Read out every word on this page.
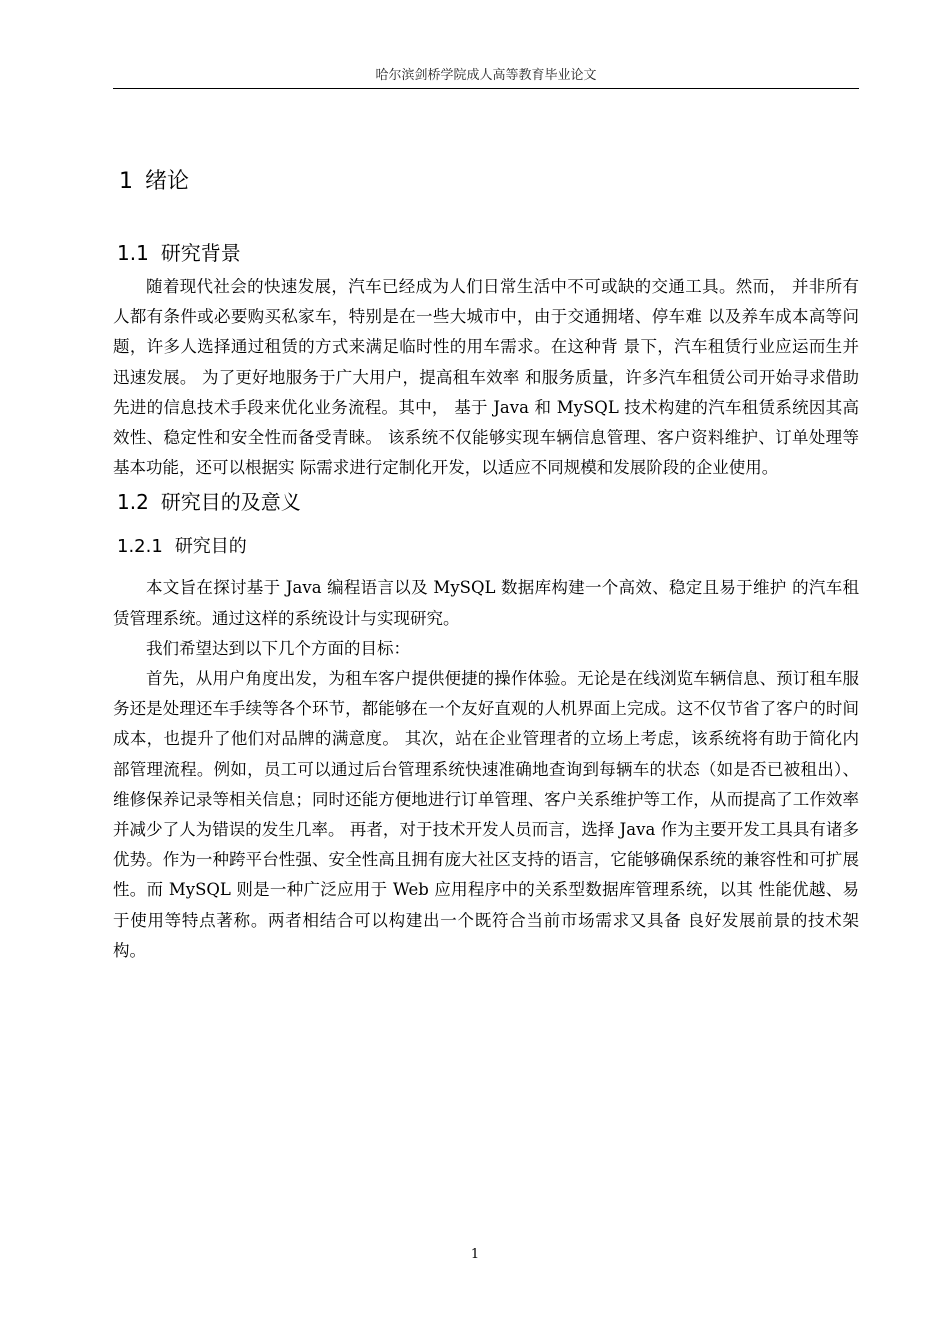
哈尔滨剑桥学院成人高等教育毕业论文
1 绪论
1.1 研究背景

随着现代社会的快速发展，汽车已经成为人们日常生活中不可或缺的交通工具。然而， 并非所有人都有条件或必要购买私家车，特别是在一些大城市中，由于交通拥堵、停车难 以及养车成本高等问题，许多人选择通过租赁的方式来满足临时性的用车需求。在这种背 景下，汽车租赁行业应运而生并迅速发展。 为了更好地服务于广大用户，提高租车效率 和服务质量，许多汽车租赁公司开始寻求借助先进的信息技术手段来优化业务流程。其中， 基于 Java 和 MySQL 技术构建的汽车租赁系统因其高效性、稳定性和安全性而备受青睐。 该系统不仅能够实现车辆信息管理、客户资料维护、订单处理等基本功能，还可以根据实 际需求进行定制化开发，以适应不同规模和发展阶段的企业使用。

1.2 研究目的及意义
1.2.1 研究目的

本文旨在探讨基于 Java 编程语言以及 MySQL 数据库构建一个高效、稳定且易于维护 的汽车租赁管理系统。通过这样的系统设计与实现研究。

我们希望达到以下几个方面的目标：

首先，从用户角度出发，为租车客户提供便捷的操作体验。无论是在线浏览车辆信息、预订租车服务还是处理还车手续等各个环节，都能够在一个友好直观的人机界面上完成。这不仅节省了客户的时间成本，也提升了他们对品牌的满意度。 其次，站在企业管理者的立场上考虑，该系统将有助于简化内部管理流程。例如，员工可以通过后台管理系统快速准确地查询到每辆车的状态（如是否已被租出）、维修保养记录等相关信息；同时还能方便地进行订单管理、客户关系维护等工作，从而提高了工作效率并减少了人为错误的发生几率。 再者，对于技术开发人员而言，选择 Java 作为主要开发工具具有诸多优势。作为一种跨平台性强、安全性高且拥有庞大社区支持的语言，它能够确保系统的兼容性和可扩展性。而 MySQL 则是一种广泛应用于 Web 应用程序中的关系型数据库管理系统，以其 性能优越、易于使用等特点著称。两者相结合可以构建出一个既符合当前市场需求又具备 良好发展前景的技术架构。

1
